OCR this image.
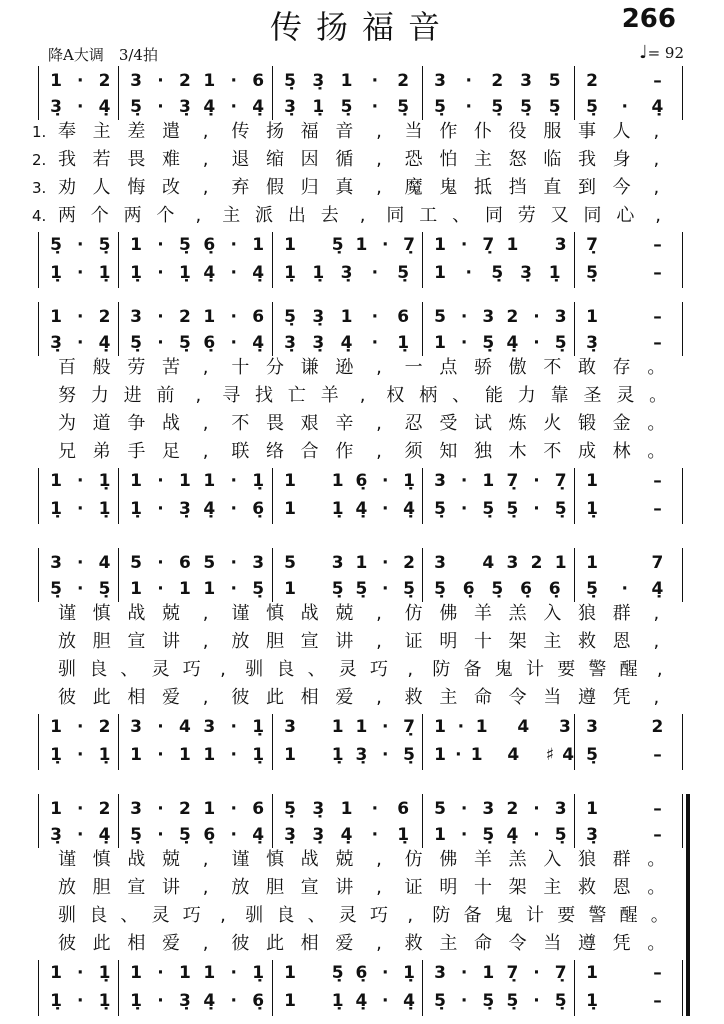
传扬福音	266
降A大调　3/4拍	♩= 92
1 · 2 3 · 2 1 · 6 5̣ 3̣ 1	·	2 3	·	2 3 5 2	–
3̣ · 4̣ 5̣ · 3̣ 4̣ · 4̣ 3̣ 1̣ 5̣	·	5̣ 5̣	·	5̣ 5̣ 5̣ 5̣	·	4̣
1. 奉 主 差 遣	,	传 扬 福 音	,	当 作 仆 役 服 事 人	,
2. 我 若 畏 难	,	退 缩 因 循	,	恐 怕 主 怒 临 我 身	,
3. 劝 人 悔 改	,	弃 假 归 真	,	魔 鬼 抵 挡 直 到 今	,
4. 两 个 两 个	,	主 派 出 去	,	同 工 、 同 劳 又 同 心	,
5̣ · 5̣ 1 · 5̣ 6̣ · 1 1 5̣ 1 · 7̣ 1 · 7̣ 1 3 7̣	–
1̣ · 1̣ 1̣ · 1̣ 4̣ · 4̣ 1̣ 1̣ 3̣	·	5̣ 1	·	5̣ 3̣ 1̣ 5̣	–
1 · 2 3 · 2 1 · 6 5̣ 3̣ 1	·	6 5 · 3 2 · 3 1	–
3̣ · 4̣ 5̣ · 5̣ 6̣ · 4̣ 3̣ 3̣ 4̣	·	1̣ 1 · 5̣ 4̣ · 5̣ 3̣	–
百 般 劳 苦	,	十 分 谦 逊	,	一 点 骄 傲 不 敢 存 。
努 力 进 前	,	寻 找 亡 羊	,	权 柄 、 能 力 靠 圣 灵 。
为 道 争 战	,	不 畏 艰 辛	,	忍 受 试 炼 火 锻 金 。
兄 弟 手 足	,	联 络 合 作	,	须 知 独 木 不 成 林 。
1 · 1̣ 1 · 1 1 · 1̣ 1 1 6̣ · 1̣ 3 · 1 7̣ · 7̣ 1	–
1̣ · 1̣ 1̣ · 3̣ 4̣ · 6̣ 1 1̣ 4̣ · 4̣ 5̣ · 5̣ 5̣ · 5̣ 1̣	–
3 · 4 5 · 6 5 · 3 5 3 1 · 2 3 4 3 2 1 1	7
5̣ · 5̣ 1 · 1 1 · 5̣ 1 5̣ 5̣ · 5̣ 5̣ 6̣ 5̣ 6̣ 6̣ 5̣	·	4̣
谨 慎 战 兢	,	谨 慎 战 兢	,	仿 佛 羊 羔 入 狼 群	,
放 胆 宣 讲	,	放 胆 宣 讲	,	证 明 十 架 主 救 恩	,
驯 良 、 灵 巧	,	驯 良 、 灵 巧	,	防 备 鬼 计 要 警 醒	,
彼 此 相 爱	,	彼 此 相 爱	,	救 主 命 令 当 遵 凭	,
1 · 2 3 · 4 3 · 1̣ 3 1 1 · 7̣ 1 · 1 4 3 3	2
1̣ · 1̣ 1 · 1 1 · 1̣ 1 1̣ 3̣ · 5̣ 1 · 1 4	♯ 4 5̣	–
1 · 2 3 · 2 1 · 6 5̣ 3̣ 1	·	6 5 · 3 2 · 3 1	–
3̣ · 4̣ 5̣ · 5̣ 6̣ · 4̣ 3̣ 3̣ 4̣	·	1̣ 1 · 5̣ 4̣ · 5̣ 3̣	–
谨 慎 战 兢	,	谨 慎 战 兢	,	仿 佛 羊 羔 入 狼 群 。
放 胆 宣 讲	,	放 胆 宣 讲	,	证 明 十 架 主 救 恩 。
驯 良 、 灵 巧	,	驯 良 、 灵 巧	,	防 备 鬼 计 要 警 醒 。
彼 此 相 爱	,	彼 此 相 爱	,	救 主 命 令 当 遵 凭 。
1 · 1̣ 1 · 1 1 · 1̣ 1 5̣ 6̣ · 1̣ 3 · 1 7̣ · 7̣ 1	–
1̣ · 1̣ 1̣ · 3̣ 4̣ · 6̣ 1 1̣ 4̣ · 4̣ 5̣ · 5̣ 5̣ · 5̣ 1̣	–
